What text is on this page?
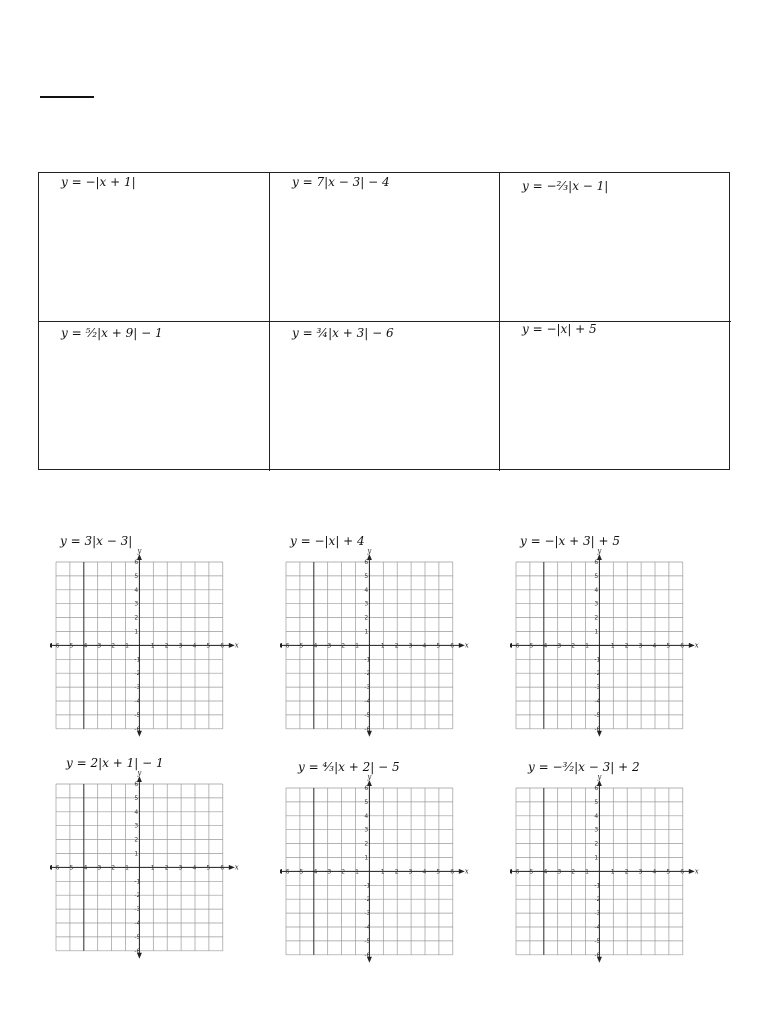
y = −|x + 1|	y = 7|x − 3| − 4	y = −⅔|x − 1|
y = ⁵⁄₂|x + 9| − 1	y = ¾|x + 3| − 6	y = −|x| + 5
y = 3|x − 3|
x
y
-6 -5 -4 -3 -2 -1	1 2 3 4 5 6
6
5
4
3
2
1
-1
-2
-3
-4
-5
-6
y = −|x| + 4
x
y
-6 -5 -4 -3 -2 -1	1 2 3 4 5 6
6
5
4
3
2
1
-1
-2
-3
-4
-5
-6
y = −|x + 3| + 5
x
y
-6 -5 -4 -3 -2 -1	1 2 3 4 5 6
6
5
4
3
2
1
-1
-2
-3
-4
-5
-6
y = 2|x + 1| − 1
x
y
-6 -5 -4 -3 -2 -1	1 2 3 4 5 6
6
5
4
3
2
1
-1
-2
-3
-4
-5
-6
y = ⁴⁄₃|x + 2| − 5
x
y
-6 -5 -4 -3 -2 -1	1 2 3 4 5 6
6
5
4
3
2
1
-1
-2
-3
-4
-5
-6
y = −³⁄₂|x − 3| + 2
x
y
-6 -5 -4 -3 -2 -1	1 2 3 4 5 6
6
5
4
3
2
1
-1
-2
-3
-4
-5
-6
